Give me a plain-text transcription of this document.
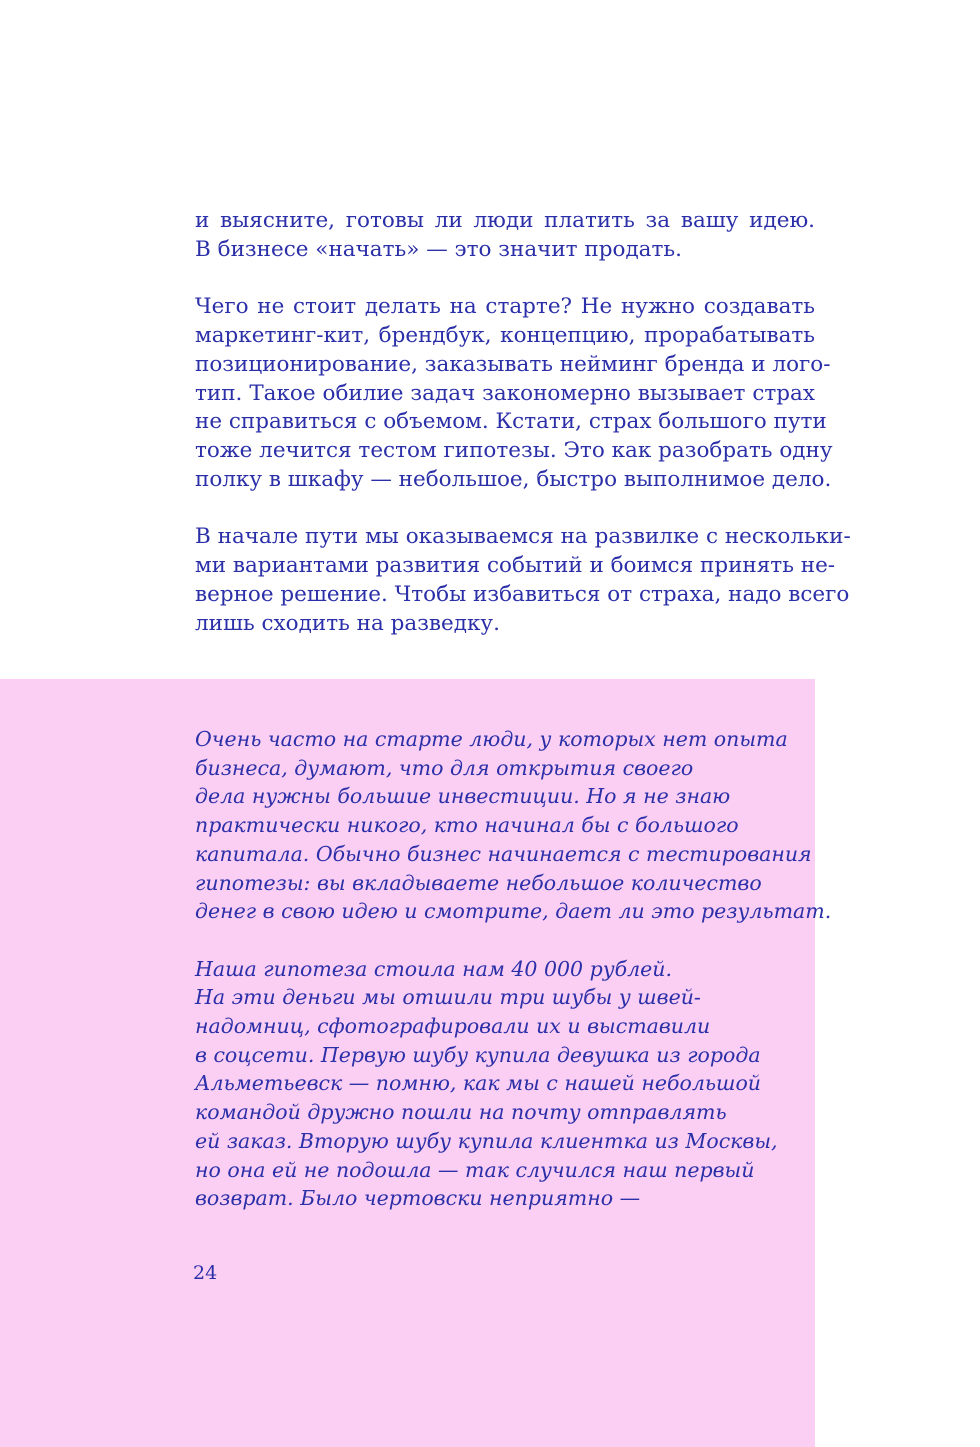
и выясните, готовы ли люди платить за вашу идею.
В бизнесе «начать» — это значит продать.

Чего не стоит делать на старте? Не нужно создавать
маркетинг-кит, брендбук, концепцию, прорабатывать
позиционирование, заказывать нейминг бренда и лого-
тип. Такое обилие задач закономерно вызывает страх
не справиться с объемом. Кстати, страх большого пути
тоже лечится тестом гипотезы. Это как разобрать одну
полку в шкафу — небольшое, быстро выполнимое дело.

В начале пути мы оказываемся на развилке с нескольки-
ми вариантами развития событий и боимся принять не-
верное решение. Чтобы избавиться от страха, надо всего
лишь сходить на разведку.

Очень часто на старте люди, у которых нет опыта
бизнеса, думают, что для открытия своего
дела нужны большие инвестиции. Но я не знаю
практически никого, кто начинал бы с большого
капитала. Обычно бизнес начинается с тестирования
гипотезы: вы вкладываете небольшое количество
денег в свою идею и смотрите, дает ли это результат.

Наша гипотеза стоила нам 40 000 рублей.
На эти деньги мы отшили три шубы у швей-
надомниц, сфотографировали их и выставили
в соцсети. Первую шубу купила девушка из города
Альметьевск — помню, как мы с нашей небольшой
командой дружно пошли на почту отправлять
ей заказ. Вторую шубу купила клиентка из Москвы,
но она ей не подошла — так случился наш первый
возврат. Было чертовски неприятно —

24
